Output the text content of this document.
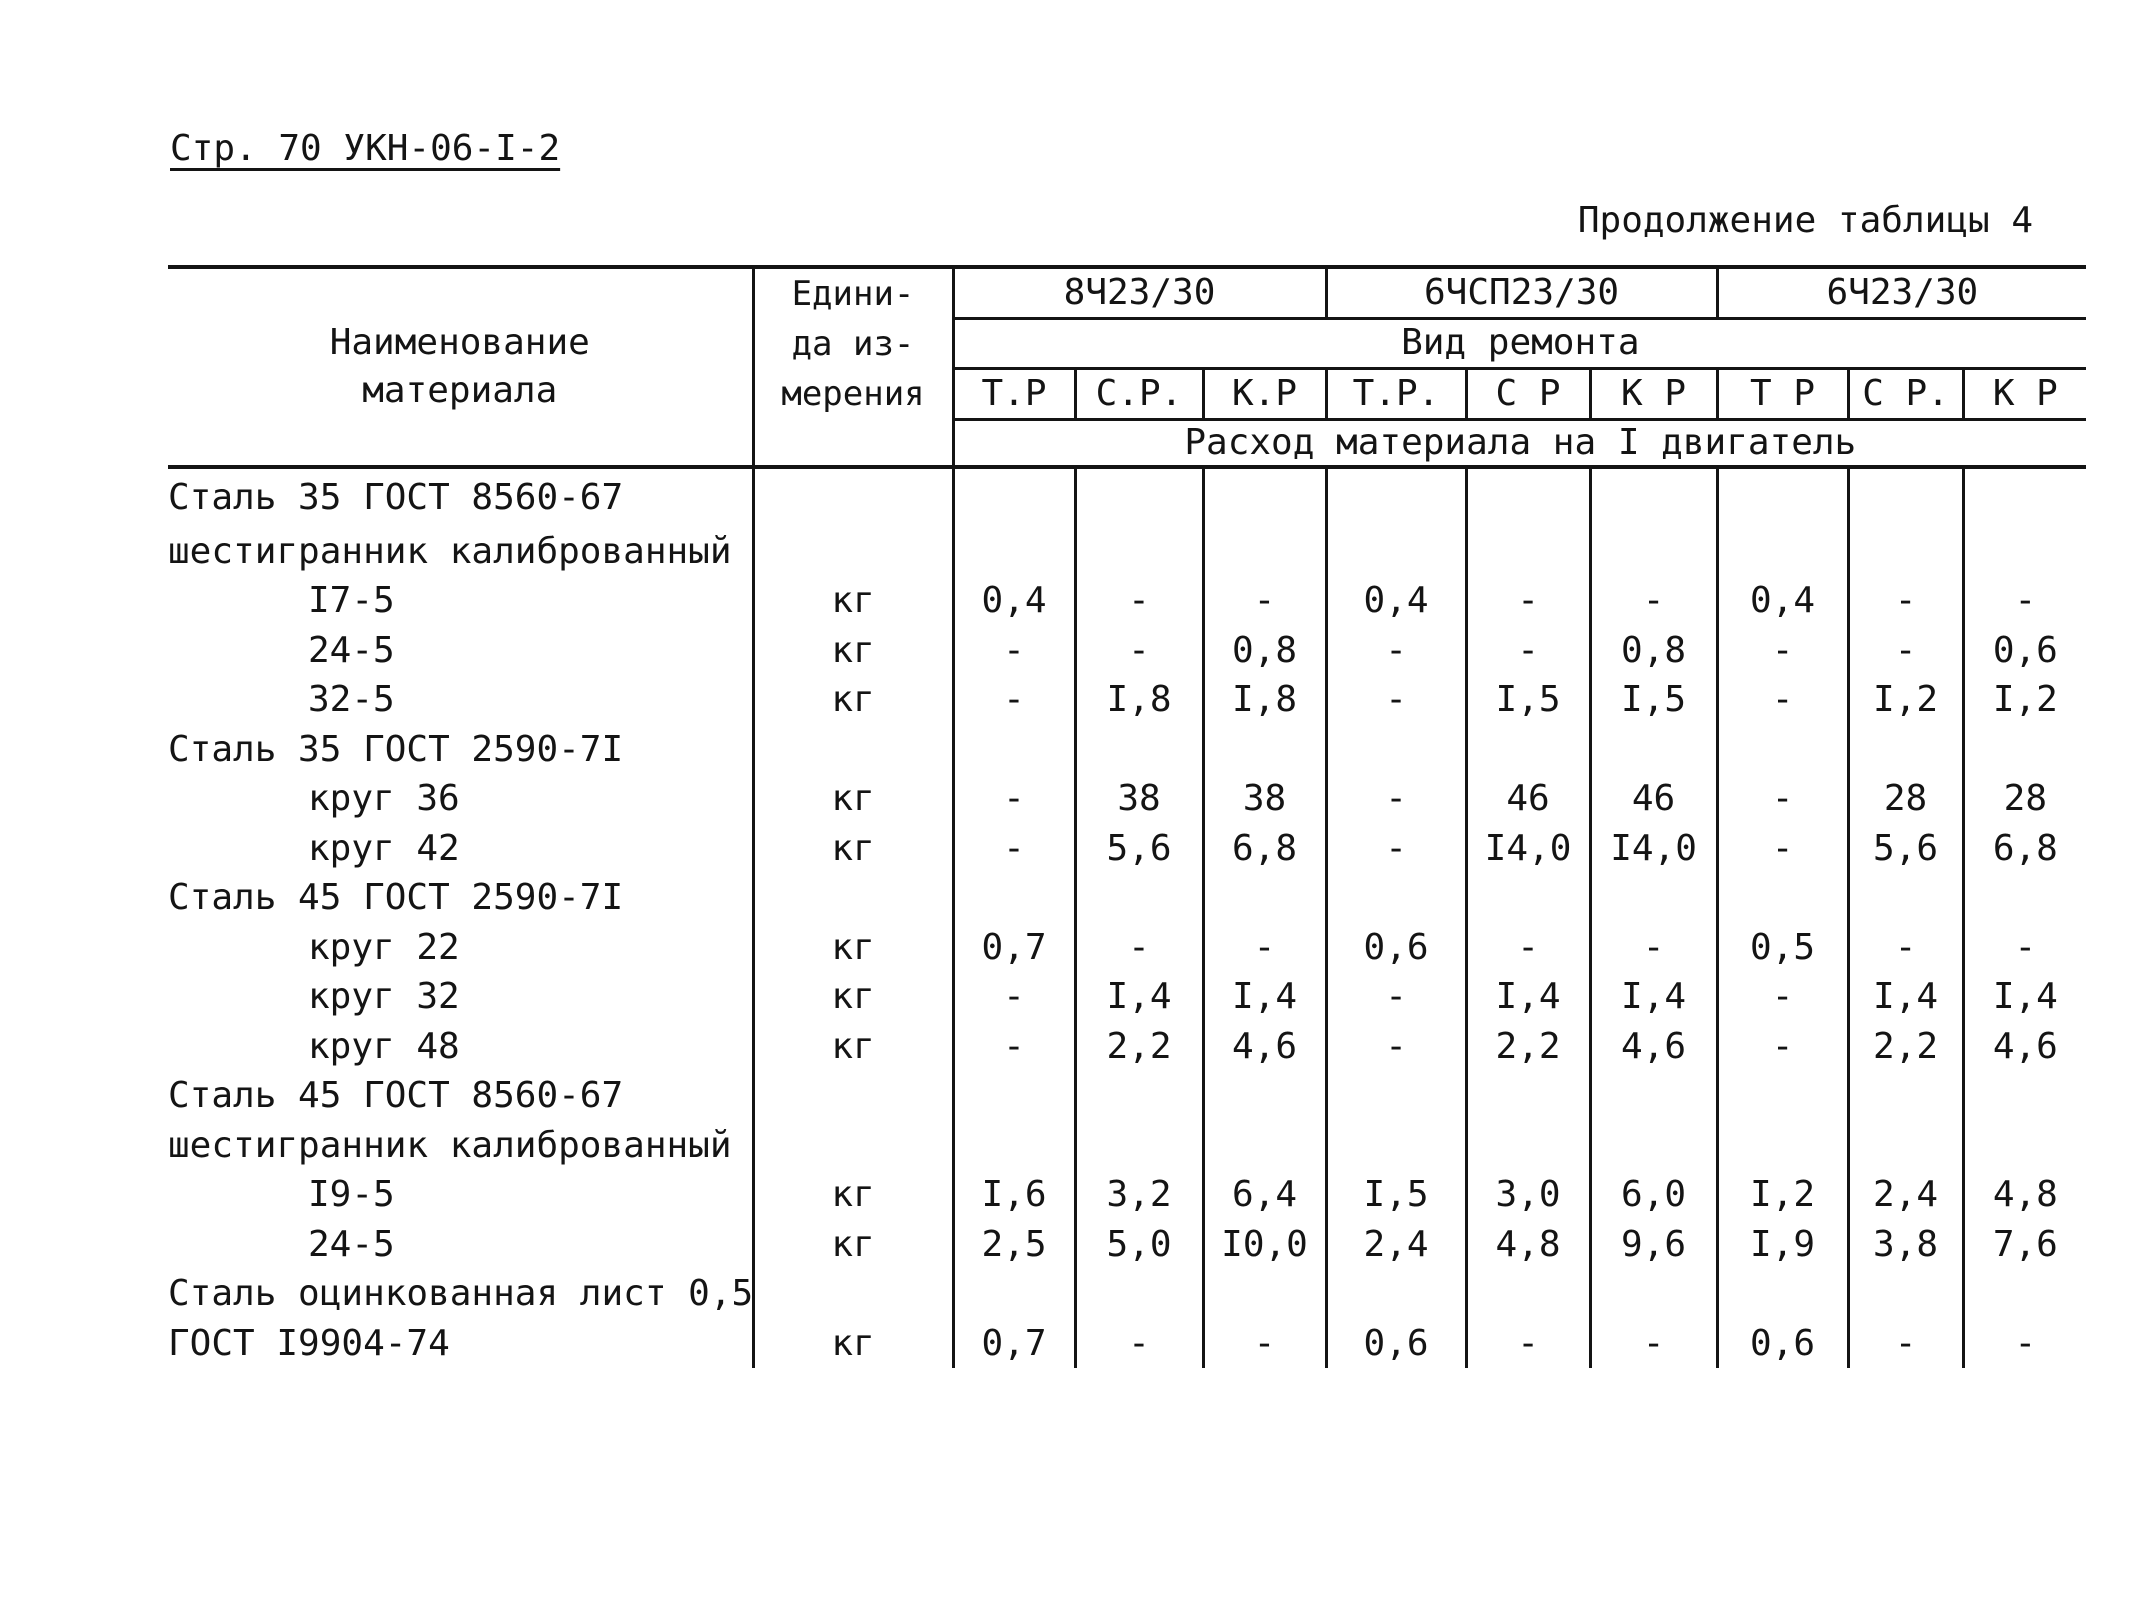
Стр. 70 УКН-06-I-2
Продолжение таблицы 4
Наименование
материала	Едини-
да из-
мерения	8Ч23/30			6ЧСП23/30			6Ч23/30		
		Вид ремонта								
		Т.Р	С.Р.	К.Р	Т.Р.	С Р	К Р	Т Р	С Р.	К Р
		Расход материала на I двигатель								
Сталь 35 ГОСТ 8560-67										
шестигранник калиброванный										
I7-5	кг	0,4	-	-	0,4	-	-	0,4	-	-
24-5	кг	-	-	0,8	-	-	0,8	-	-	0,6
32-5	кг	-	I,8	I,8	-	I,5	I,5	-	I,2	I,2
Сталь 35 ГОСТ 2590-7I										
круг 36	кг	-	38	38	-	46	46	-	28	28
круг 42	кг	-	5,6	6,8	-	I4,0	I4,0	-	5,6	6,8
Сталь 45 ГОСТ 2590-7I										
круг 22	кг	0,7	-	-	0,6	-	-	0,5	-	-
круг 32	кг	-	I,4	I,4	-	I,4	I,4	-	I,4	I,4
круг 48	кг	-	2,2	4,6	-	2,2	4,6	-	2,2	4,6
Сталь 45 ГОСТ 8560-67										
шестигранник калиброванный										
I9-5	кг	I,6	3,2	6,4	I,5	3,0	6,0	I,2	2,4	4,8
24-5	кг	2,5	5,0	I0,0	2,4	4,8	9,6	I,9	3,8	7,6
Сталь оцинкованная лист 0,5										
ГОСТ I9904-74	кг	0,7	-	-	0,6	-	-	0,6	-	-
